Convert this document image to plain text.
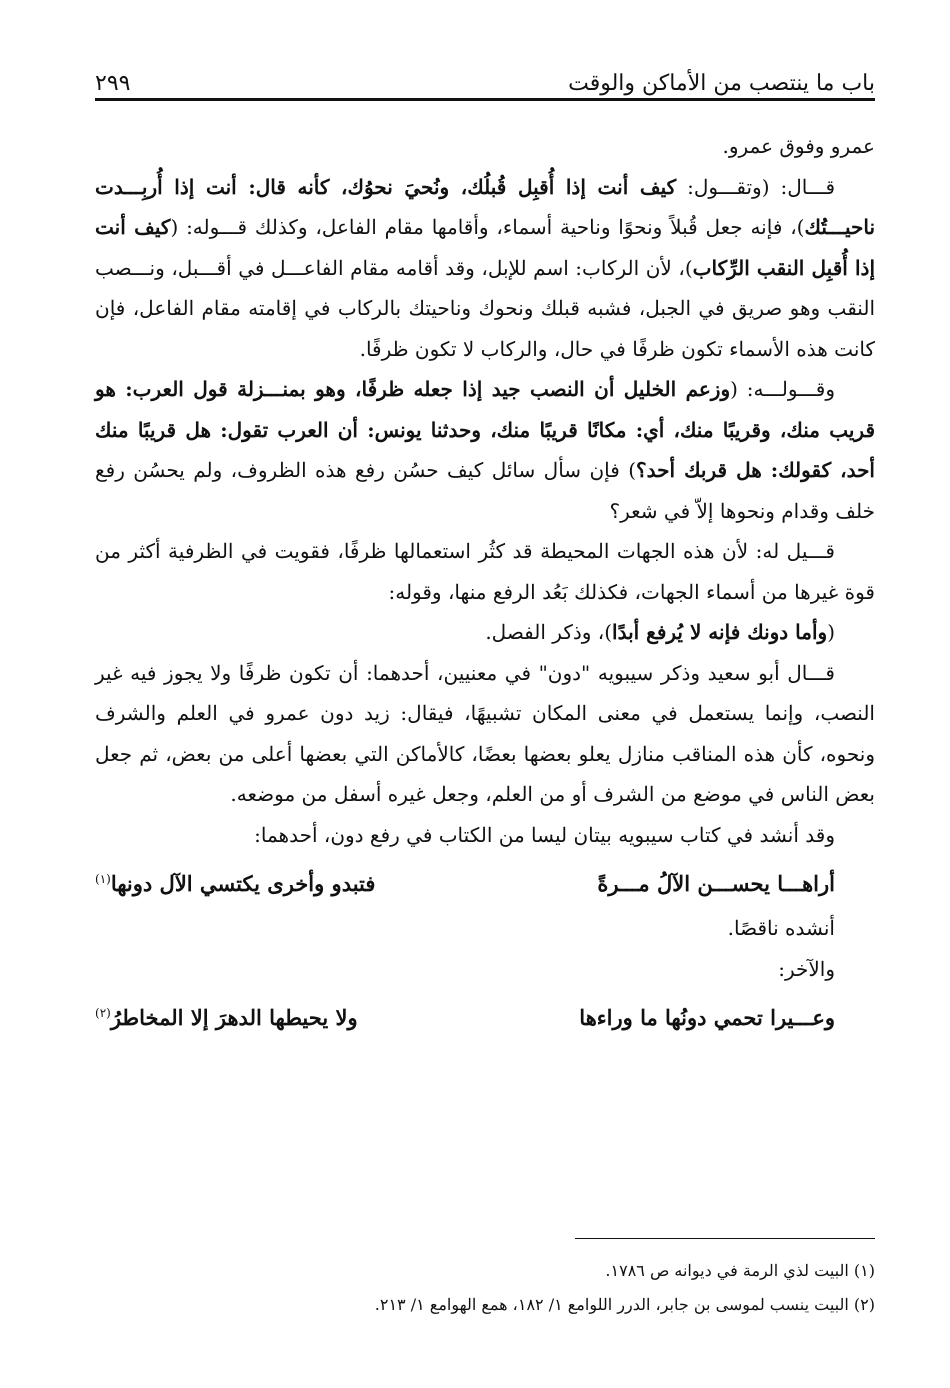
باب ما ينتصب من الأماكن والوقت
٢٩٩

عمرو وفوق عمرو.

قـــال: (وتقـــول: كيف أنت إذا أُقبِل قُبلُك، ونُحيَ نحوُك، كأنه قال: أنت إذا أُربِـــدت ناحيـــتُك)، فإنه جعل قُبلاً ونحوًا وناحية أسماء، وأقامها مقام الفاعل، وكذلك قـــوله: (كيف أنت إذا أُقبِل النقب الرِّكاب)، لأن الركاب: اسم للإبل، وقد أقامه مقام الفاعـــل في أقـــبل، ونـــصب النقب وهو صريق في الجبل، فشبه قبلك ونحوك وناحيتك بالركاب في إقامته مقام الفاعل، فإن كانت هذه الأسماء تكون ظرفًا في حال، والركاب لا تكون ظرفًا.

وقـــولـــه: (وزعم الخليل أن النصب جيد إذا جعله ظرفًا، وهو بمنـــزلة قول العرب: هو قريب منك، وقريبًا منك، أي: مكانًا قريبًا منك، وحدثنا يونس: أن العرب تقول: هل قريبًا منك أحد، كقولك: هل قربك أحد؟) فإن سأل سائل كيف حسُن رفع هذه الظروف، ولم يحسُن رفع خلف وقدام ونحوها إلاّ في شعر؟

قـــيل له: لأن هذه الجهات المحيطة قد كثُر استعمالها ظرفًا، فقويت في الظرفية أكثر من قوة غيرها من أسماء الجهات، فكذلك بَعُد الرفع منها، وقوله:

(وأما دونك فإنه لا يُرفع أبدًا)، وذكر الفصل.

قـــال أبو سعيد وذكر سيبويه "دون" في معنيين، أحدهما: أن تكون ظرفًا ولا يجوز فيه غير النصب، وإنما يستعمل في معنى المكان تشبيهًا، فيقال: زيد دون عمرو في العلم والشرف ونحوه، كأن هذه المناقب منازل يعلو بعضها بعضًا، كالأماكن التي بعضها أعلى من بعض، ثم جعل بعض الناس في موضع من الشرف أو من العلم، وجعل غيره أسفل من موضعه.

وقد أنشد في كتاب سيبويه بيتان ليسا من الكتاب في رفع دون، أحدهما:

أراهـــا يحســـن الآلُ مـــرةً
فتبدو وأخرى يكتسي الآل دونها$^{(١)}$

أنشده ناقصًا.

والآخر:

وعـــيرا تحمي دونُها ما وراءها
ولا يحيطها الدهرَ إلا المخاطرُ$^{(٢)}$

(١) البيت لذي الرمة في ديوانه ص ١٧٨٦.

(٢) البيت ينسب لموسى بن جابر، الدرر اللوامع ١/ ١٨٢، همع الهوامع ١/ ٢١٣.
